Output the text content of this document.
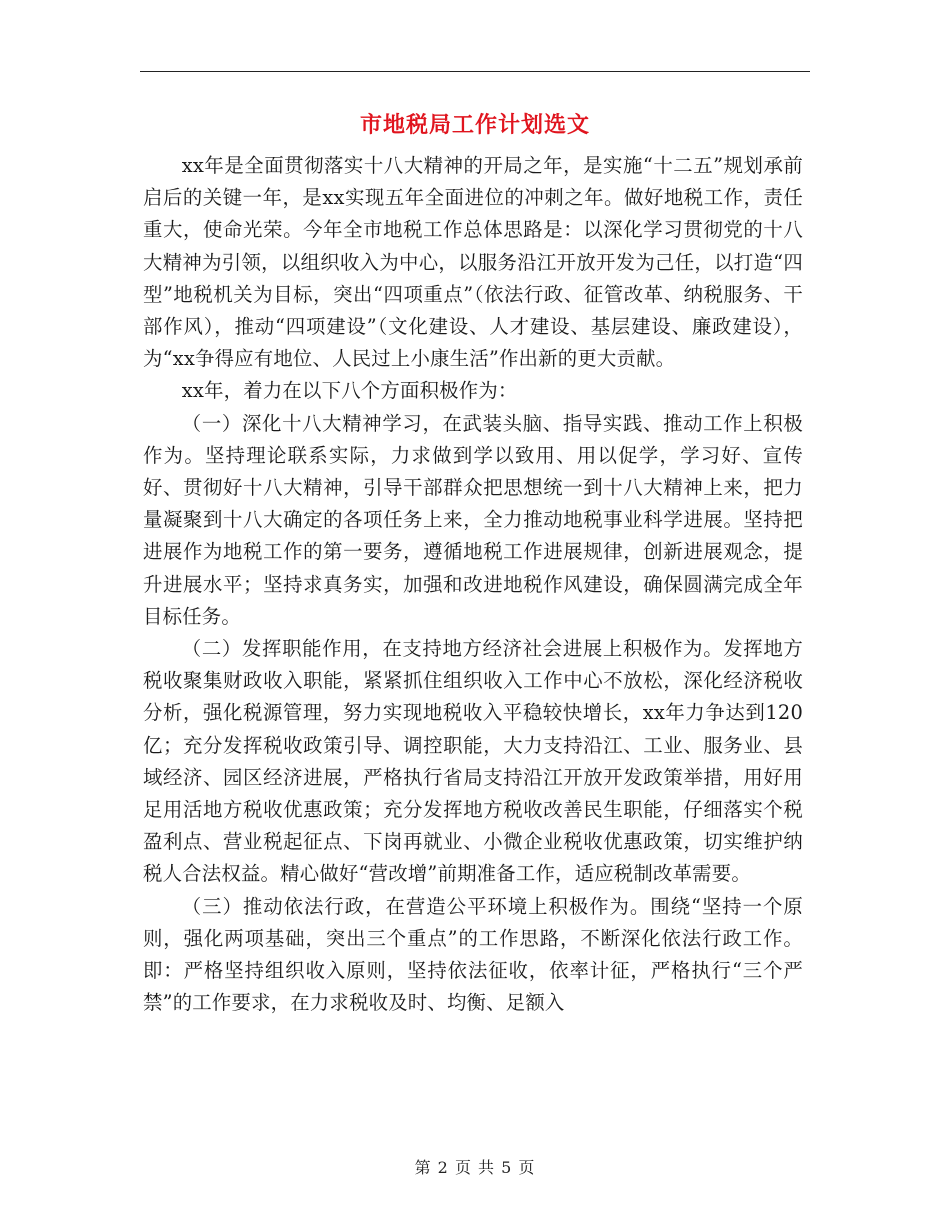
市地税局工作计划选文

xx年是全面贯彻落实十八大精神的开局之年，是实施“十二五”规划承前启后的关键一年，是xx实现五年全面进位的冲刺之年。做好地税工作，责任重大，使命光荣。今年全市地税工作总体思路是：以深化学习贯彻党的十八大精神为引领，以组织收入为中心，以服务沿江开放开发为己任，以打造“四型”地税机关为目标，突出“四项重点”（依法行政、征管改革、纳税服务、干部作风），推动“四项建设”（文化建设、人才建设、基层建设、廉政建设），为“xx争得应有地位、人民过上小康生活”作出新的更大贡献。

xx年，着力在以下八个方面积极作为：

（一）深化十八大精神学习，在武装头脑、指导实践、推动工作上积极作为。坚持理论联系实际，力求做到学以致用、用以促学，学习好、宣传好、贯彻好十八大精神，引导干部群众把思想统一到十八大精神上来，把力量凝聚到十八大确定的各项任务上来，全力推动地税事业科学进展。坚持把进展作为地税工作的第一要务，遵循地税工作进展规律，创新进展观念，提升进展水平；坚持求真务实，加强和改进地税作风建设，确保圆满完成全年目标任务。

（二）发挥职能作用，在支持地方经济社会进展上积极作为。发挥地方税收聚集财政收入职能，紧紧抓住组织收入工作中心不放松，深化经济税收分析，强化税源管理，努力实现地税收入平稳较快增长，xx年力争达到120亿；充分发挥税收政策引导、调控职能，大力支持沿江、工业、服务业、县域经济、园区经济进展，严格执行省局支持沿江开放开发政策举措，用好用足用活地方税收优惠政策；充分发挥地方税收改善民生职能，仔细落实个税盈利点、营业税起征点、下岗再就业、小微企业税收优惠政策，切实维护纳税人合法权益。精心做好“营改增”前期准备工作，适应税制改革需要。

（三）推动依法行政，在营造公平环境上积极作为。围绕“坚持一个原则，强化两项基础，突出三个重点”的工作思路，不断深化依法行政工作。即：严格坚持组织收入原则，坚持依法征收，依率计征，严格执行“三个严禁”的工作要求，在力求税收及时、均衡、足额入

第 2 页 共 5 页
